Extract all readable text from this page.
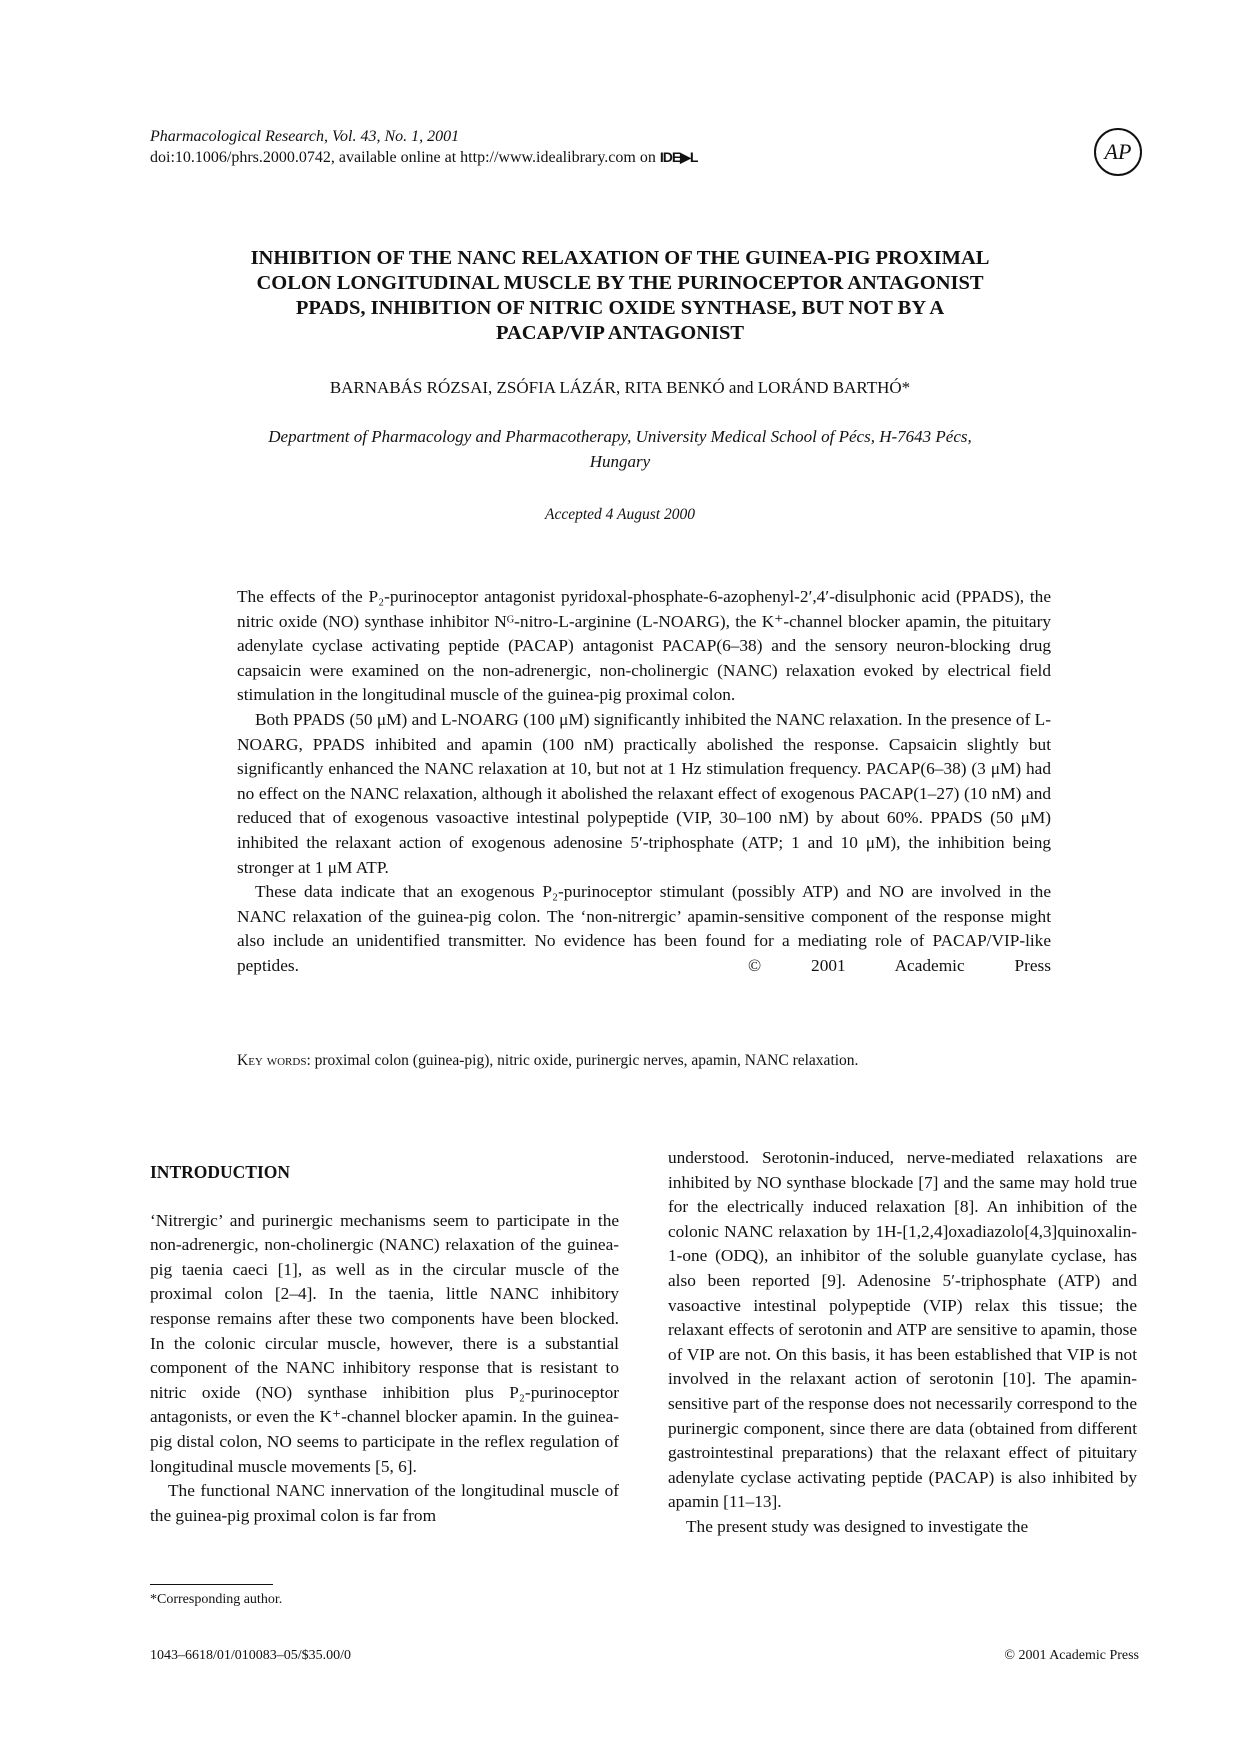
Pharmacological Research, Vol. 43, No. 1, 2001
doi:10.1006/phrs.2000.0742, available online at http://www.idealibrary.com on IDE▶L	AP
INHIBITION OF THE NANC RELAXATION OF THE GUINEA-PIG PROXIMAL
COLON LONGITUDINAL MUSCLE BY THE PURINOCEPTOR ANTAGONIST
PPADS, INHIBITION OF NITRIC OXIDE SYNTHASE, BUT NOT BY A
PACAP/VIP ANTAGONIST
BARNABÁS RÓZSAI, ZSÓFIA LÁZÁR, RITA BENKÓ and LORÁND BARTHÓ*
Department of Pharmacology and Pharmacotherapy, University Medical School of Pécs, H-7643 Pécs,
Hungary
Accepted 4 August 2000

The effects of the P₂-purinoceptor antagonist pyridoxal-phosphate-6-azophenyl-2′,4′-disulphonic acid (PPADS), the nitric oxide (NO) synthase inhibitor Nᴳ-nitro-L-arginine (L-NOARG), the K⁺-channel blocker apamin, the pituitary adenylate cyclase activating peptide (PACAP) antagonist PACAP(6–38) and the sensory neuron-blocking drug capsaicin were examined on the non-adrenergic, non-cholinergic (NANC) relaxation evoked by electrical field stimulation in the longitudinal muscle of the guinea-pig proximal colon.

Both PPADS (50 μM) and L-NOARG (100 μM) significantly inhibited the NANC relaxation. In the presence of L-NOARG, PPADS inhibited and apamin (100 nM) practically abolished the response. Capsaicin slightly but significantly enhanced the NANC relaxation at 10, but not at 1 Hz stimulation frequency. PACAP(6–38) (3 μM) had no effect on the NANC relaxation, although it abolished the relaxant effect of exogenous PACAP(1–27) (10 nM) and reduced that of exogenous vasoactive intestinal polypeptide (VIP, 30–100 nM) by about 60%. PPADS (50 μM) inhibited the relaxant action of exogenous adenosine 5′-triphosphate (ATP; 1 and 10 μM), the inhibition being stronger at 1 μM ATP.

These data indicate that an exogenous P₂-purinoceptor stimulant (possibly ATP) and NO are involved in the NANC relaxation of the guinea-pig colon. The ‘non-nitrergic’ apamin-sensitive component of the response might also include an unidentified transmitter. No evidence has been found for a mediating role of PACAP/VIP-like peptides.	© 2001 Academic Press

Key words: proximal colon (guinea-pig), nitric oxide, purinergic nerves, apamin, NANC relaxation.

INTRODUCTION

‘Nitrergic’ and purinergic mechanisms seem to participate in the non-adrenergic, non-cholinergic (NANC) relaxation of the guinea-pig taenia caeci [1], as well as in the circular muscle of the proximal colon [2–4]. In the taenia, little NANC inhibitory response remains after these two components have been blocked. In the colonic circular muscle, however, there is a substantial component of the NANC inhibitory response that is resistant to nitric oxide (NO) synthase inhibition plus P₂-purinoceptor antagonists, or even the K⁺-channel blocker apamin. In the guinea-pig distal colon, NO seems to participate in the reflex regulation of longitudinal muscle movements [5, 6].

The functional NANC innervation of the longitudinal muscle of the guinea-pig proximal colon is far from

understood. Serotonin-induced, nerve-mediated relaxations are inhibited by NO synthase blockade [7] and the same may hold true for the electrically induced relaxation [8]. An inhibition of the colonic NANC relaxation by 1H-[1,2,4]oxadiazolo[4,3]quinoxalin-1-one (ODQ), an inhibitor of the soluble guanylate cyclase, has also been reported [9]. Adenosine 5′-triphosphate (ATP) and vasoactive intestinal polypeptide (VIP) relax this tissue; the relaxant effects of serotonin and ATP are sensitive to apamin, those of VIP are not. On this basis, it has been established that VIP is not involved in the relaxant action of serotonin [10]. The apamin-sensitive part of the response does not necessarily correspond to the purinergic component, since there are data (obtained from different gastrointestinal preparations) that the relaxant effect of pituitary adenylate cyclase activating peptide (PACAP) is also inhibited by apamin [11–13].

The present study was designed to investigate the

*Corresponding author.
1043–6618/01/010083–05/$35.00/0	© 2001 Academic Press
